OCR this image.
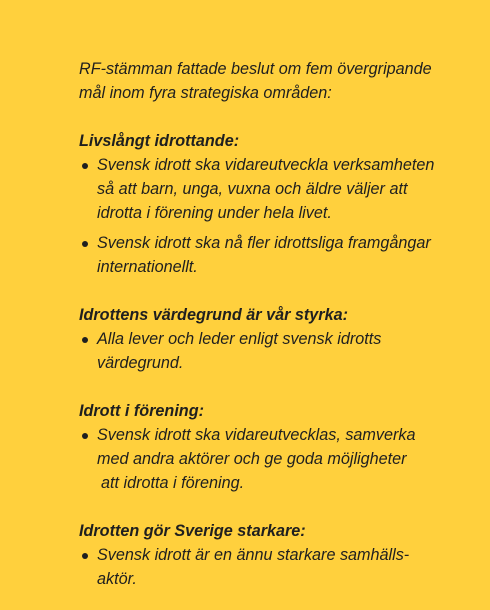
RF-stämman fattade beslut om fem övergripande
mål inom fyra strategiska områden:

Livslångt idrottande:

Svensk idrott ska vidareutveckla verksamheten
så att barn, unga, vuxna och äldre väljer att
idrotta i förening under hela livet.
Svensk idrott ska nå fler idrottsliga framgångar
internationellt.

Idrottens värdegrund är vår styrka:

Alla lever och leder enligt svensk idrotts
värdegrund.

Idrott i förening:

Svensk idrott ska vidareutvecklas, samverka
med andra aktörer och ge goda möjligheter
att idrotta i förening.

Idrotten gör Sverige starkare:

Svensk idrott är en ännu starkare samhälls-
aktör.
